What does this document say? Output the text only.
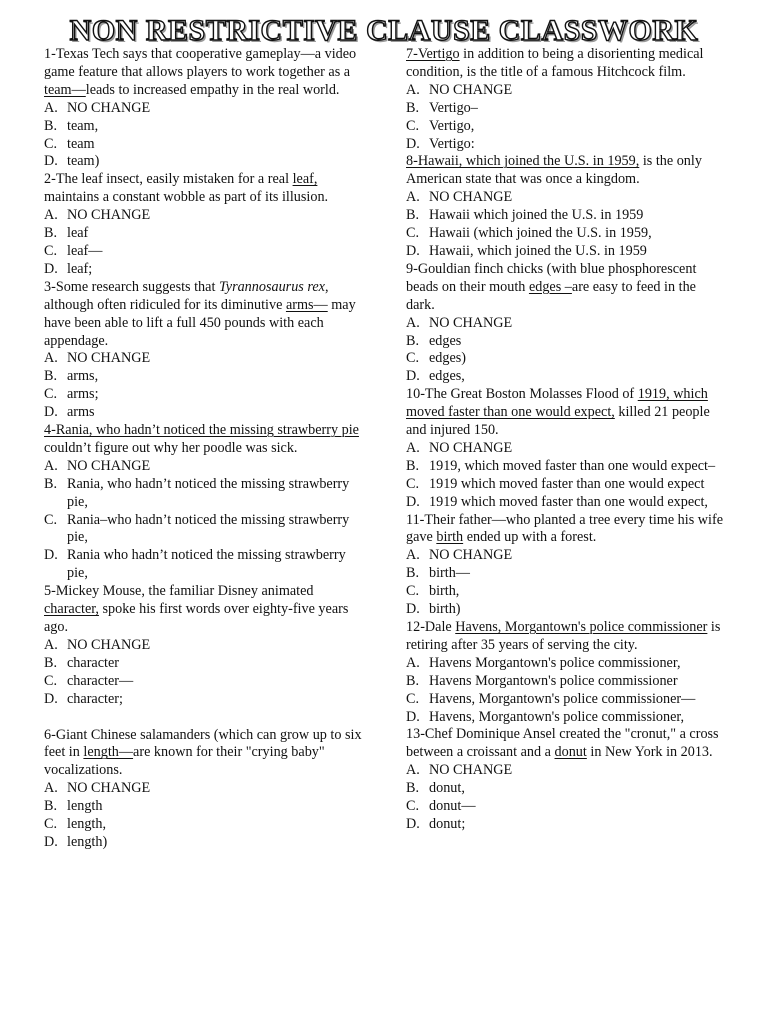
NON RESTRICTIVE CLAUSE CLASSWORK
1-Texas Tech says that cooperative gameplay—a video game feature that allows players to work together as a team—leads to increased empathy in the real world.
A. NO CHANGE
B. team,
C. team
D. team)
2-The leaf insect, easily mistaken for a real leaf, maintains a constant wobble as part of its illusion.
A. NO CHANGE
B. leaf
C. leaf—
D. leaf;
3-Some research suggests that Tyrannosaurus rex, although often ridiculed for its diminutive arms— may have been able to lift a full 450 pounds with each appendage.
A. NO CHANGE
B. arms,
C. arms;
D. arms
4-Rania, who hadn’t noticed the missing strawberry pie couldn’t figure out why her poodle was sick.
A. NO CHANGE
B. Rania, who hadn’t noticed the missing strawberry pie,
C. Rania–who hadn’t noticed the missing strawberry pie,
D. Rania who hadn’t noticed the missing strawberry pie,
5-Mickey Mouse, the familiar Disney animated character, spoke his first words over eighty-five years ago.
A. NO CHANGE
B. character
C. character—
D. character;
6-Giant Chinese salamanders (which can grow up to six feet in length—are known for their "crying baby" vocalizations.
A. NO CHANGE
B. length
C. length,
D. length)
7-Vertigo in addition to being a disorienting medical condition, is the title of a famous Hitchcock film.
A. NO CHANGE
B. Vertigo–
C. Vertigo,
D. Vertigo:
8-Hawaii, which joined the U.S. in 1959, is the only American state that was once a kingdom.
A. NO CHANGE
B. Hawaii which joined the U.S. in 1959
C. Hawaii (which joined the U.S. in 1959,
D. Hawaii, which joined the U.S. in 1959
9-Gouldian finch chicks (with blue phosphorescent beads on their mouth edges –are easy to feed in the dark.
A. NO CHANGE
B. edges
C. edges)
D. edges,
10-The Great Boston Molasses Flood of 1919, which moved faster than one would expect, killed 21 people and injured 150.
A. NO CHANGE
B. 1919, which moved faster than one would expect–
C. 1919 which moved faster than one would expect
D. 1919 which moved faster than one would expect,
11-Their father—who planted a tree every time his wife gave birth ended up with a forest.
A. NO CHANGE
B. birth—
C. birth,
D. birth)
12-Dale Havens, Morgantown's police commissioner is retiring after 35 years of serving the city.
A. Havens Morgantown's police commissioner,
B. Havens Morgantown's police commissioner
C. Havens, Morgantown's police commissioner—
D. Havens, Morgantown's police commissioner,
13-Chef Dominique Ansel created the "cronut," a cross between a croissant and a donut in New York in 2013.
A. NO CHANGE
B. donut,
C. donut—
D. donut;
